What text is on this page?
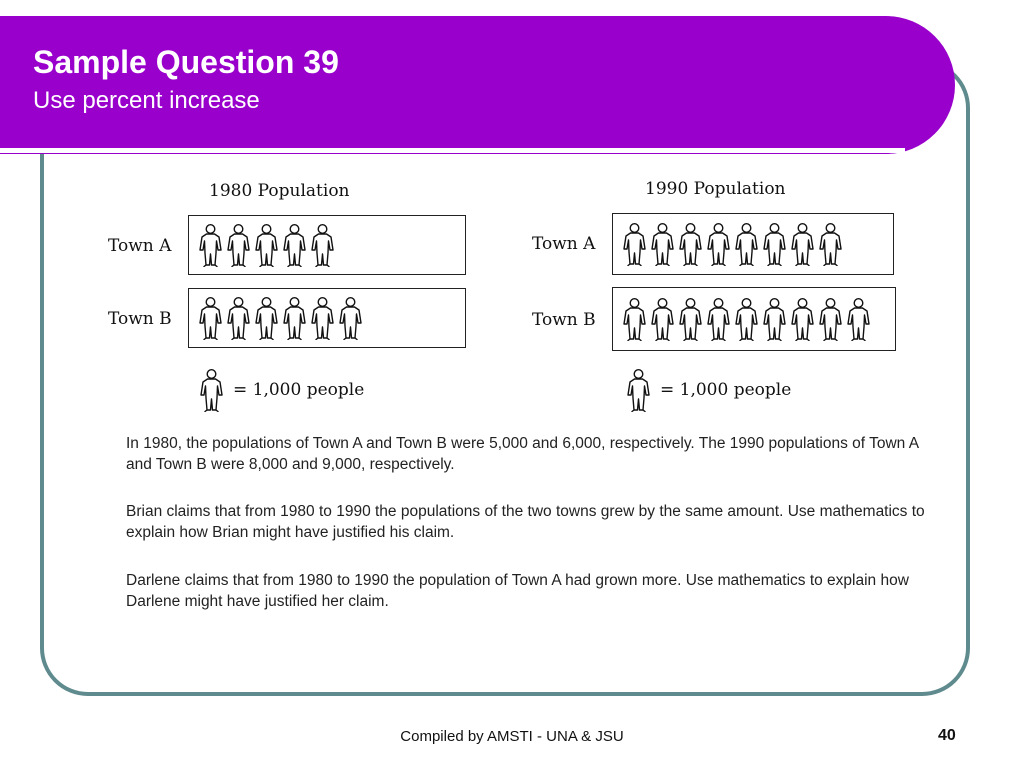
Sample Question 39
Use percent increase
1980 Population
Town A
Town B
= 1,000 people
1990 Population
Town A
Town B
= 1,000 people
In 1980, the populations of Town A and Town B were 5,000 and 6,000, respectively. The 1990 populations of Town A and Town B were 8,000 and 9,000, respectively.
Brian claims that from 1980 to 1990 the populations of the two towns grew by the same amount. Use mathematics to explain how Brian might have justified his claim.
Darlene claims that from 1980 to 1990 the population of Town A had grown more. Use mathematics to explain how Darlene might have justified her claim.
Compiled by AMSTI - UNA & JSU	40
